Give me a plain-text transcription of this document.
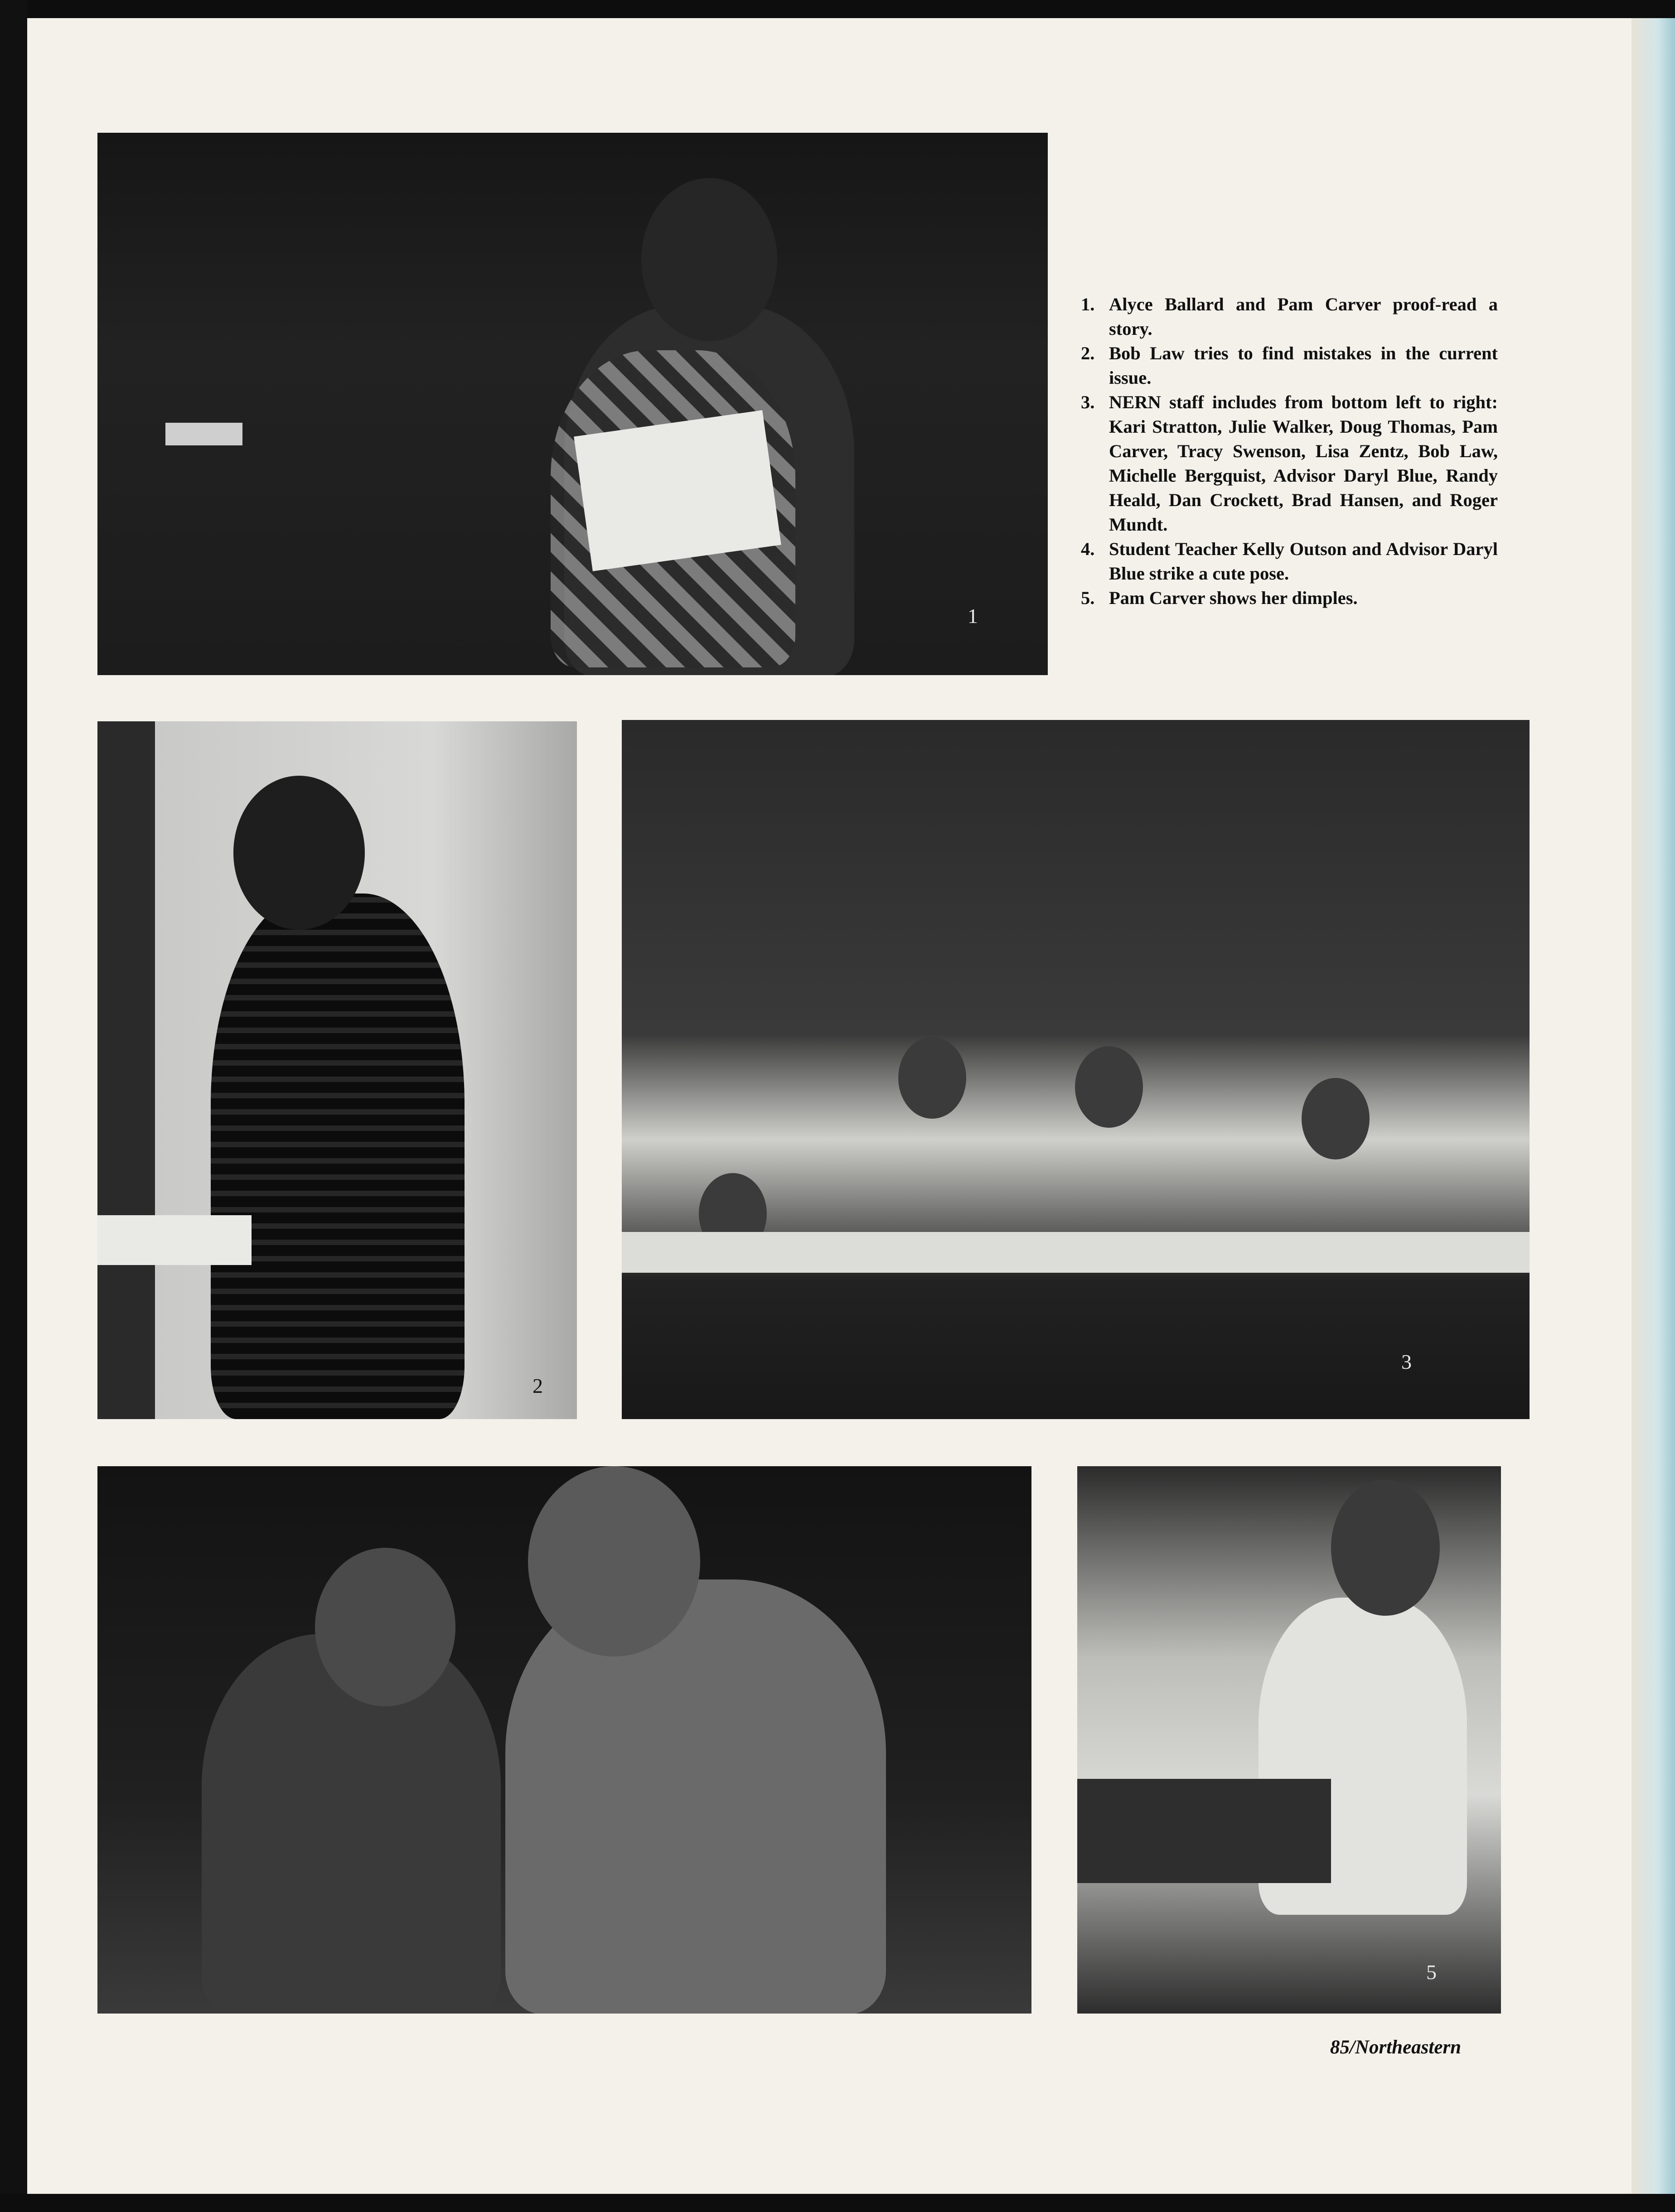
1
2
3
5
1. Alyce Ballard and Pam Carver proof-read a story.
2. Bob Law tries to find mistakes in the current issue.
3. NERN staff includes from bottom left to right: Kari Stratton, Julie Walker, Doug Thomas, Pam Carver, Tracy Swenson, Lisa Zentz, Bob Law, Michelle Bergquist, Advisor Daryl Blue, Randy Heald, Dan Crockett, Brad Hansen, and Roger Mundt.
4. Student Teacher Kelly Outson and Advisor Daryl Blue strike a cute pose.
5. Pam Carver shows her dimples.
85/Northeastern
